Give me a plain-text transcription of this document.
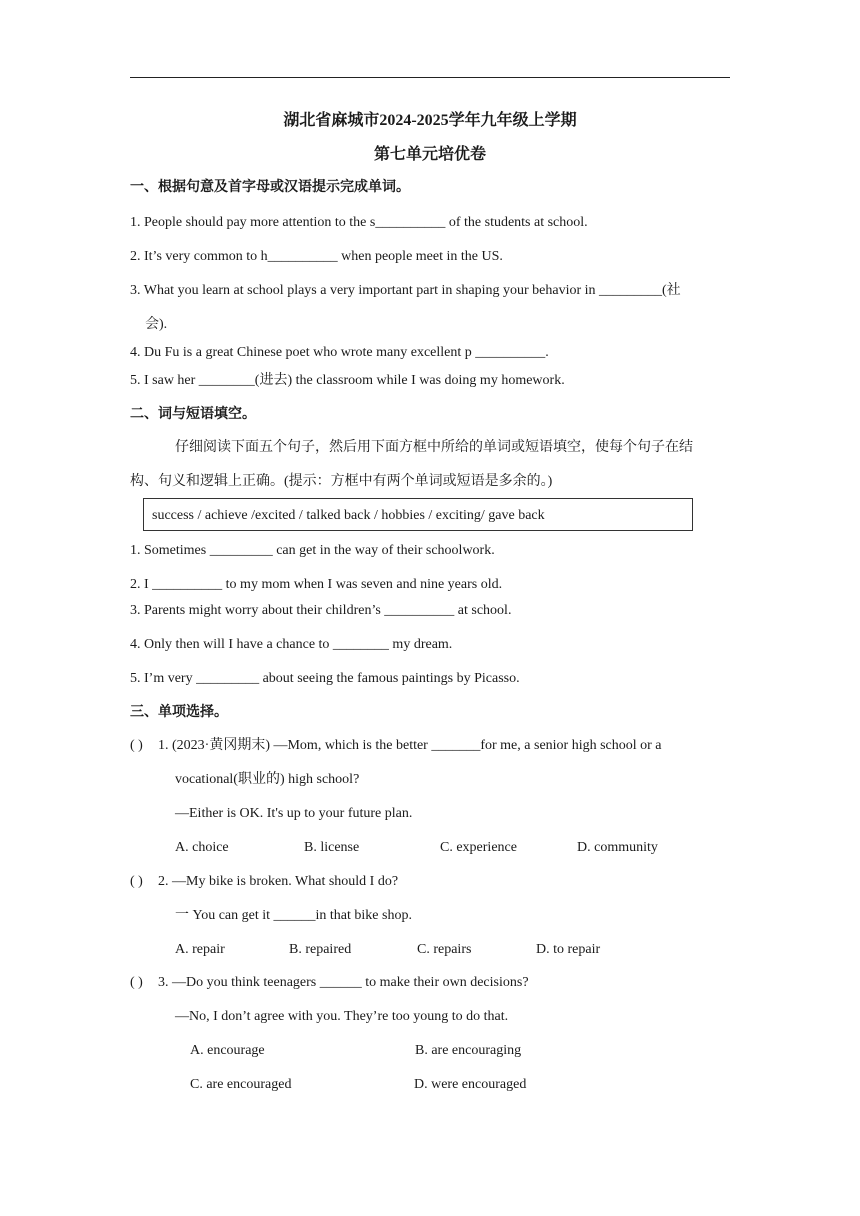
湖北省麻城市2024-2025学年九年级上学期
第七单元培优卷
一、根据句意及首字母或汉语提示完成单词。
1. People should pay more attention to the s__________ of the students at school.
2. It’s very common to h__________ when people meet in the US.
3. What you learn at school plays a very important part in shaping your behavior in _________(社
会).
4. Du Fu is a great Chinese poet who wrote many excellent p __________.
5. I saw her ________(进去) the classroom while I was doing my homework.
二、词与短语填空。
仔细阅读下面五个句子，然后用下面方框中所给的单词或短语填空，使每个句子在结
构、句义和逻辑上正确。(提示：方框中有两个单词或短语是多余的。)
success / achieve /excited / talked back / hobbies / exciting/ gave back
1. Sometimes _________ can get in the way of their schoolwork.
2. I __________ to my mom when I was seven and nine years old.
3. Parents might worry about their children’s __________ at school.
4. Only then will I have a chance to ________ my dream.
5. I’m very _________ about seeing the famous paintings by Picasso.
三、单项选择。
( ) 1. (2023·黄冈期末) —Mom, which is the better _______for me, a senior high school or a
vocational(职业的) high school?
—Either is OK. It's up to your future plan.
A. choice	B. license	C. experience	D. community
( ) 2. —My bike is broken. What should I do?
一 You can get it ______in that bike shop.
A. repair	B. repaired	C. repairs	D. to repair
( ) 3. —Do you think teenagers ______ to make their own decisions?
—No, I don’t agree with you. They’re too young to do that.
A. encourage	B. are encouraging
C. are encouraged	D. were encouraged
